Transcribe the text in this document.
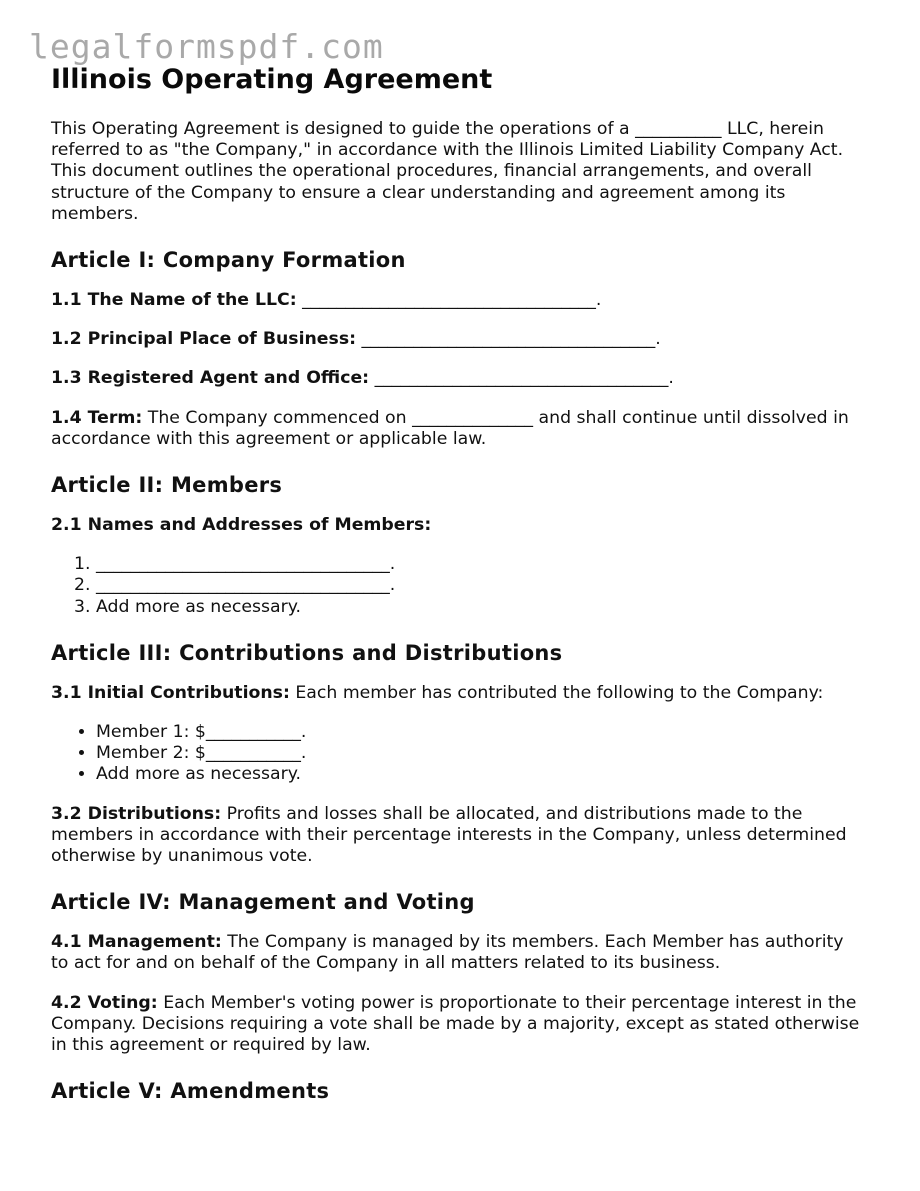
legalformspdf.com
Illinois Operating Agreement

This Operating Agreement is designed to guide the operations of a __________ LLC, herein referred to as "the Company," in accordance with the Illinois Limited Liability Company Act. This document outlines the operational procedures, financial arrangements, and overall structure of the Company to ensure a clear understanding and agreement among its members.

Article I: Company Formation

1.1 The Name of the LLC: __________________________________.

1.2 Principal Place of Business: __________________________________.

1.3 Registered Agent and Office: __________________________________.

1.4 Term: The Company commenced on ______________ and shall continue until dissolved in accordance with this agreement or applicable law.

Article II: Members

2.1 Names and Addresses of Members:

1. __________________________________.
2. __________________________________.
3. Add more as necessary.
Article III: Contributions and Distributions

3.1 Initial Contributions: Each member has contributed the following to the Company:

• Member 1: $___________.
• Member 2: $___________.
• Add more as necessary.

3.2 Distributions: Profits and losses shall be allocated, and distributions made to the members in accordance with their percentage interests in the Company, unless determined otherwise by unanimous vote.

Article IV: Management and Voting

4.1 Management: The Company is managed by its members. Each Member has authority to act for and on behalf of the Company in all matters related to its business.

4.2 Voting: Each Member's voting power is proportionate to their percentage interest in the Company. Decisions requiring a vote shall be made by a majority, except as stated otherwise in this agreement or required by law.

Article V: Amendments
